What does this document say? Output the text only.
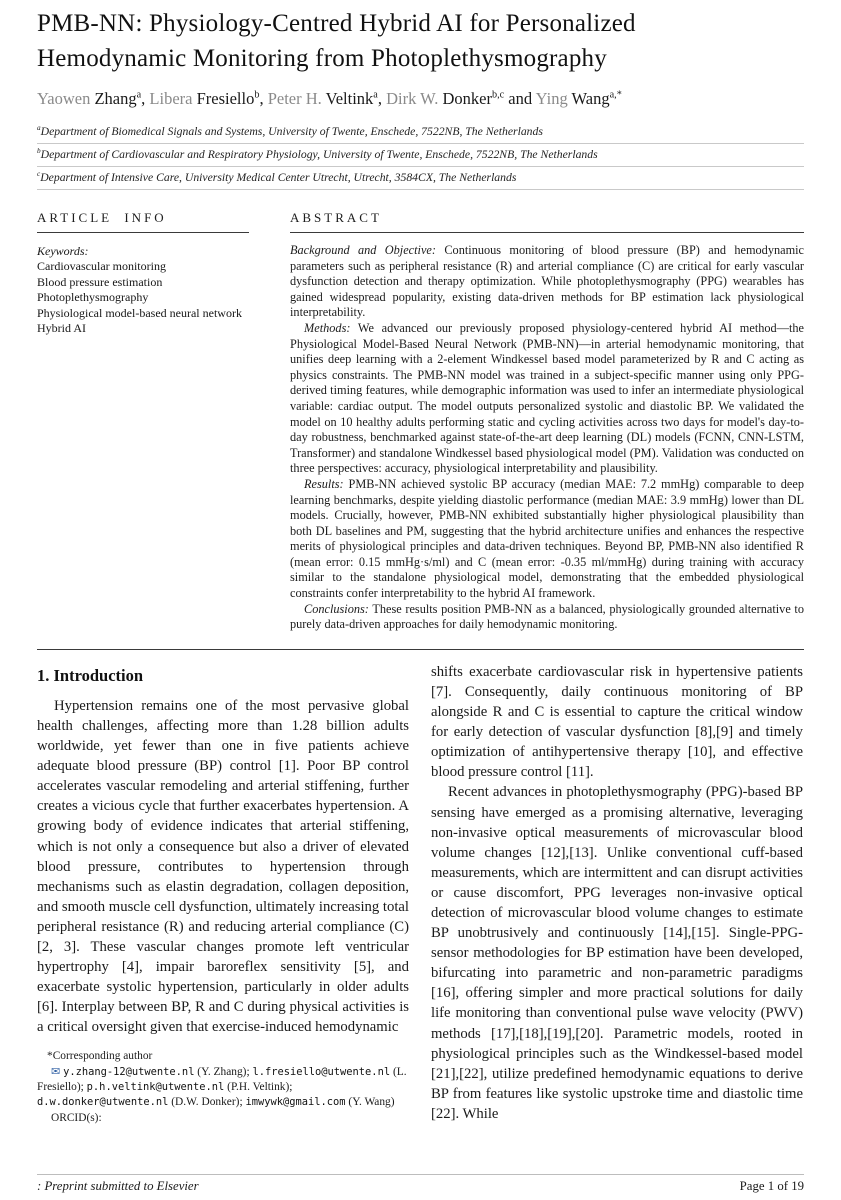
PMB-NN: Physiology-Centred Hybrid AI for Personalized
Hemodynamic Monitoring from Photoplethysmography
Yaowen Zhang$^a$, Libera Fresiello$^b$, Peter H. Veltink$^a$, Dirk W. Donker$^{b,c}$ and Ying Wang$^{a,*}$
$^a$Department of Biomedical Signals and Systems, University of Twente, Enschede, 7522NB, The Netherlands
$^b$Department of Cardiovascular and Respiratory Physiology, University of Twente, Enschede, 7522NB, The Netherlands
$^c$Department of Intensive Care, University Medical Center Utrecht, Utrecht, 3584CX, The Netherlands
ARTICLE INFO
Keywords:
Cardiovascular monitoring
Blood pressure estimation
Photoplethysmography
Physiological model-based neural network
Hybrid AI
ABSTRACT

Background and Objective: Continuous monitoring of blood pressure (BP) and hemodynamic parameters such as peripheral resistance (R) and arterial compliance (C) are critical for early vascular dysfunction detection and therapy optimization. While photoplethysmography (PPG) wearables has gained widespread popularity, existing data-driven methods for BP estimation lack physiological interpretability.

Methods: We advanced our previously proposed physiology-centered hybrid AI method—the Physiological Model-Based Neural Network (PMB-NN)—in arterial hemodynamic monitoring, that unifies deep learning with a 2-element Windkessel based model parameterized by R and C acting as physics constraints. The PMB-NN model was trained in a subject-specific manner using only PPG-derived timing features, while demographic information was used to infer an intermediate physiological variable: cardiac output. The model outputs personalized systolic and diastolic BP. We validated the model on 10 healthy adults performing static and cycling activities across two days for model's day-to-day robustness, benchmarked against state-of-the-art deep learning (DL) models (FCNN, CNN-LSTM, Transformer) and standalone Windkessel based physiological model (PM). Validation was conducted on three perspectives: accuracy, physiological interpretability and plausibility.

Results: PMB-NN achieved systolic BP accuracy (median MAE: 7.2 mmHg) comparable to deep learning benchmarks, despite yielding diastolic performance (median MAE: 3.9 mmHg) lower than DL models. Crucially, however, PMB-NN exhibited substantially higher physiological plausibility than both DL baselines and PM, suggesting that the hybrid architecture unifies and enhances the respective merits of physiological principles and data-driven techniques. Beyond BP, PMB-NN also identified R (mean error: 0.15 mmHg·s/ml) and C (mean error: -0.35 ml/mmHg) during training with accuracy similar to the standalone physiological model, demonstrating that the embedded physiological constraints confer interpretability to the hybrid AI framework.

Conclusions: These results position PMB-NN as a balanced, physiologically grounded alternative to purely data-driven approaches for daily hemodynamic monitoring.

1. Introduction

Hypertension remains one of the most pervasive global health challenges, affecting more than 1.28 billion adults worldwide, yet fewer than one in five patients achieve adequate blood pressure (BP) control [1]. Poor BP control accelerates vascular remodeling and arterial stiffening, further creates a vicious cycle that further exacerbates hypertension. A growing body of evidence indicates that arterial stiffening, which is not only a consequence but also a driver of elevated blood pressure, contributes to hypertension through mechanisms such as elastin degradation, collagen deposition, and smooth muscle cell dysfunction, ultimately increasing total peripheral resistance (R) and reducing arterial compliance (C) [2, 3]. These vascular changes promote left ventricular hypertrophy [4], impair baroreflex sensitivity [5], and exacerbate systolic hypertension, particularly in older adults [6]. Interplay between BP, R and C during physical activities is a critical oversight given that exercise-induced hemodynamic

*Corresponding author
✉ y.zhang-12@utwente.nl (Y. Zhang); l.fresiello@utwente.nl (L. Fresiello); p.h.veltink@utwente.nl (P.H. Veltink); d.w.donker@utwente.nl (D.W. Donker); imwywk@gmail.com (Y. Wang)
ORCID(s):

shifts exacerbate cardiovascular risk in hypertensive patients [7]. Consequently, daily continuous monitoring of BP alongside R and C is essential to capture the critical window for early detection of vascular dysfunction [8],[9] and timely optimization of antihypertensive therapy [10], and effective blood pressure control [11].

Recent advances in photoplethysmography (PPG)-based BP sensing have emerged as a promising alternative, leveraging non-invasive optical measurements of microvascular blood volume changes [12],[13]. Unlike conventional cuff-based measurements, which are intermittent and can disrupt activities or cause discomfort, PPG leverages non-invasive optical detection of microvascular blood volume changes to estimate BP unobtrusively and continuously [14],[15]. Single-PPG-sensor methodologies for BP estimation have been developed, bifurcating into parametric and non-parametric paradigms [16], offering simpler and more practical solutions for daily life monitoring than conventional pulse wave velocity (PWV) methods [17],[18],[19],[20]. Parametric models, rooted in physiological principles such as the Windkessel-based model [21],[22], utilize predefined hemodynamic equations to derive BP from features like systolic upstroke time and diastolic time [22]. While

: Preprint submitted to Elsevier	Page 1 of 19
